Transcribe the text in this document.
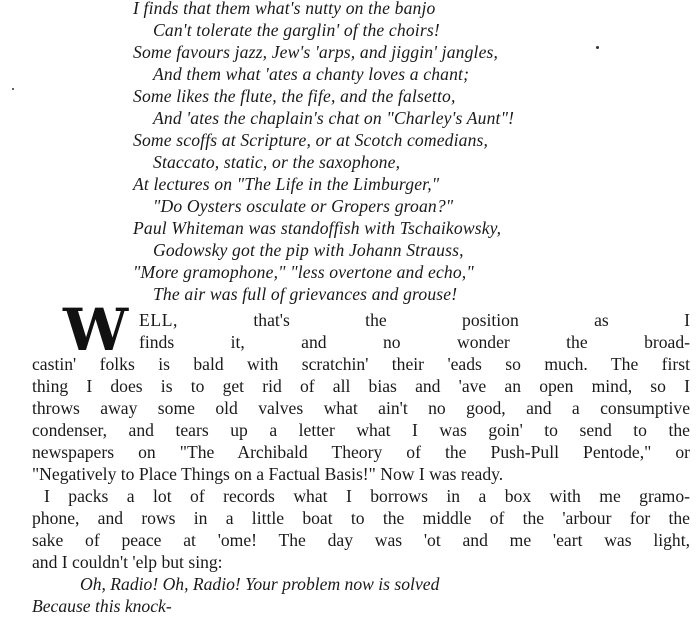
I finds that them what's nutty on the banjo
Can't tolerate the garglin' of the choirs!
Some favours jazz, Jew's 'arps, and jiggin' jangles,
And them what 'ates a chanty loves a chant;
Some likes the flute, the fife, and the falsetto,
And 'ates the chaplain's chat on "Charley's Aunt"!
Some scoffs at Scripture, or at Scotch comedians,
Staccato, static, or the saxophone,
At lectures on "The Life in the Limburger,"
"Do Oysters osculate or Gropers groan?"
Paul Whiteman was standoffish with Tschaikowsky,
Godowsky got the pip with Johann Strauss,
"More gramophone," "less overtone and echo,"
The air was full of grievances and grouse!
W ELL, that's the position as I
finds it, and no wonder the broad-
castin' folks is bald with scratchin' their 'eads so much. The first
thing I does is to get rid of all bias and 'ave an open mind, so I
throws away some old valves what ain't no good, and a consumptive
condenser, and tears up a letter what I was goin' to send to the
newspapers on "The Archibald Theory of the Push-Pull Pentode," or
"Negatively to Place Things on a Factual Basis!" Now I was ready.
I packs a lot of records what I borrows in a box with me gramo-
phone, and rows in a little boat to the middle of the 'arbour for the
sake of peace at 'ome! The day was 'ot and me 'eart was light,
and I couldn't 'elp but sing:
Oh, Radio! Oh, Radio! Your problem now is solved
Because this knock-
